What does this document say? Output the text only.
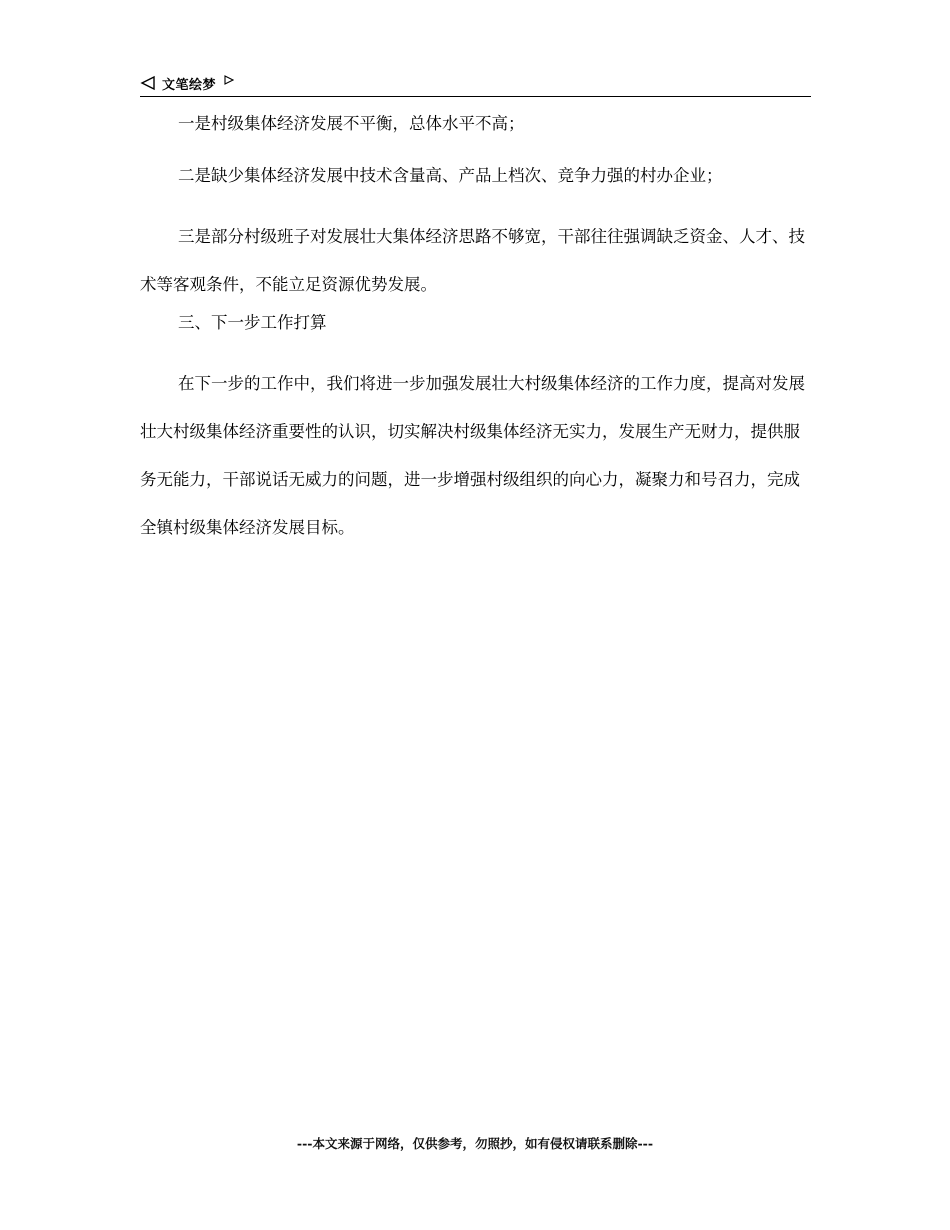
文笔绘梦

一是村级集体经济发展不平衡，总体水平不高；

二是缺少集体经济发展中技术含量高、产品上档次、竞争力强的村办企业；

三是部分村级班子对发展壮大集体经济思路不够宽，干部往往强调缺乏资金、人才、技术等客观条件，不能立足资源优势发展。

三、下一步工作打算

在下一步的工作中，我们将进一步加强发展壮大村级集体经济的工作力度，提高对发展壮大村级集体经济重要性的认识，切实解决村级集体经济无实力，发展生产无财力，提供服务无能力，干部说话无威力的问题，进一步增强村级组织的向心力，凝聚力和号召力，完成全镇村级集体经济发展目标。

---本文来源于网络，仅供参考，勿照抄，如有侵权请联系删除---
